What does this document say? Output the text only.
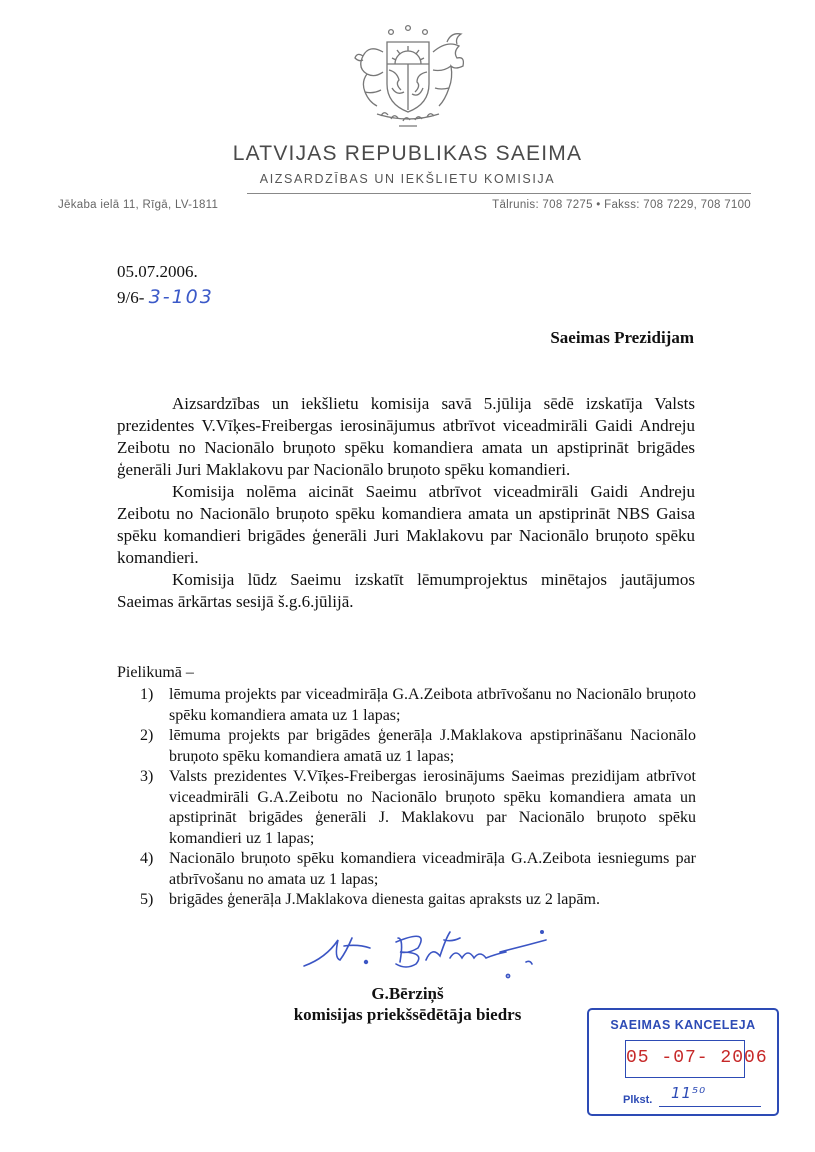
LATVIJAS REPUBLIKAS SAEIMA
AIZSARDZĪBAS UN IEKŠLIETU KOMISIJA
Jēkaba ielā 11, Rīgā, LV-1811	Tālrunis: 708 7275 • Fakss: 708 7229, 708 7100
05.07.2006.
9/6- 3-103
Saeimas Prezidijam

Aizsardzības un iekšlietu komisija savā 5.jūlija sēdē izskatīja Valsts prezidentes V.Vīķes-Freibergas ierosinājumus atbrīvot viceadmirāli Gaidi Andreju Zeibotu no Nacionālo bruņoto spēku komandiera amata un apstiprināt brigādes ģenerāli Juri Maklakovu par Nacionālo bruņoto spēku komandieri.

Komisija nolēma aicināt Saeimu atbrīvot viceadmirāli Gaidi Andreju Zeibotu no Nacionālo bruņoto spēku komandiera amata un apstiprināt NBS Gaisa spēku komandieri brigādes ģenerāli Juri Maklakovu par Nacionālo bruņoto spēku komandieri.

Komisija lūdz Saeimu izskatīt lēmumprojektus minētajos jautājumos Saeimas ārkārtas sesijā š.g.6.jūlijā.

Pielikumā –
1) lēmuma projekts par viceadmirāļa G.A.Zeibota atbrīvošanu no Nacionālo bruņoto spēku komandiera amata uz 1 lapas;
2) lēmuma projekts par brigādes ģenerāļa J.Maklakova apstiprināšanu Nacionālo bruņoto spēku komandiera amatā uz 1 lapas;
3) Valsts prezidentes V.Vīķes-Freibergas ierosinājums Saeimas prezidijam atbrīvot viceadmirāli G.A.Zeibotu no Nacionālo bruņoto spēku komandiera amata un apstiprināt brigādes ģenerāli J. Maklakovu par Nacionālo bruņoto spēku komandieri uz 1 lapas;
4) Nacionālo bruņoto spēku komandiera viceadmirāļa G.A.Zeibota iesniegums par atbrīvošanu no amata uz 1 lapas;
5) brigādes ģenerāļa J.Maklakova dienesta gaitas apraksts uz 2 lapām.
G.Bērziņš
komisijas priekšsēdētāja biedrs
SAEIMAS KANCELEJA
05 -07- 2006
Plkst. 11⁵⁰
